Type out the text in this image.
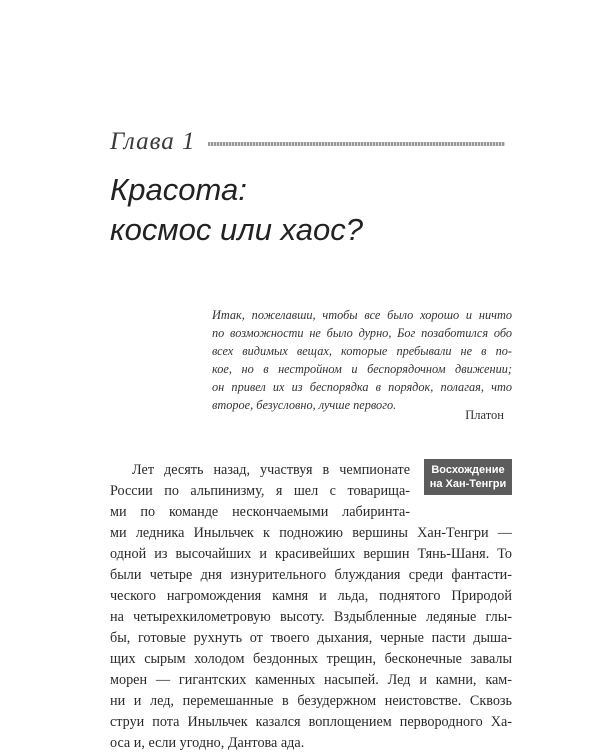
Глава 1
Красота:
космос или хаос?
Итак, пожелавши, чтобы все было хорошо и ничто
по возможности не было дурно, Бог позаботился обо
всех видимых вещах, которые пребывали не в по-
кое, но в нестройном и беспорядочном движении;
он привел их из беспорядка в порядок, полагая, что
второе, безусловно, лучше первого.
Платон
Восхождение
на Хан-Тенгри
Лет десять назад, участвуя в чемпионате
России по альпинизму, я шел с товарища-
ми по команде нескончаемыми лабиринта-
ми ледника Иныльчек к подножию вершины Хан-Тенгри —
одной из высочайших и красивейших вершин Тянь-Шаня. То
были четыре дня изнурительного блуждания среди фантасти-
ческого нагромождения камня и льда, поднятого Природой
на четырехкилометровую высоту. Вздыбленные ледяные глы-
бы, готовые рухнуть от твоего дыхания, черные пасти дыша-
щих сырым холодом бездонных трещин, бесконечные завалы
морен — гигантских каменных насыпей. Лед и камни, кам-
ни и лед, перемешанные в безудержном неистовстве. Сквозь
струи пота Иныльчек казался воплощением первородного Ха-
оса и, если угодно, Дантова ада.
